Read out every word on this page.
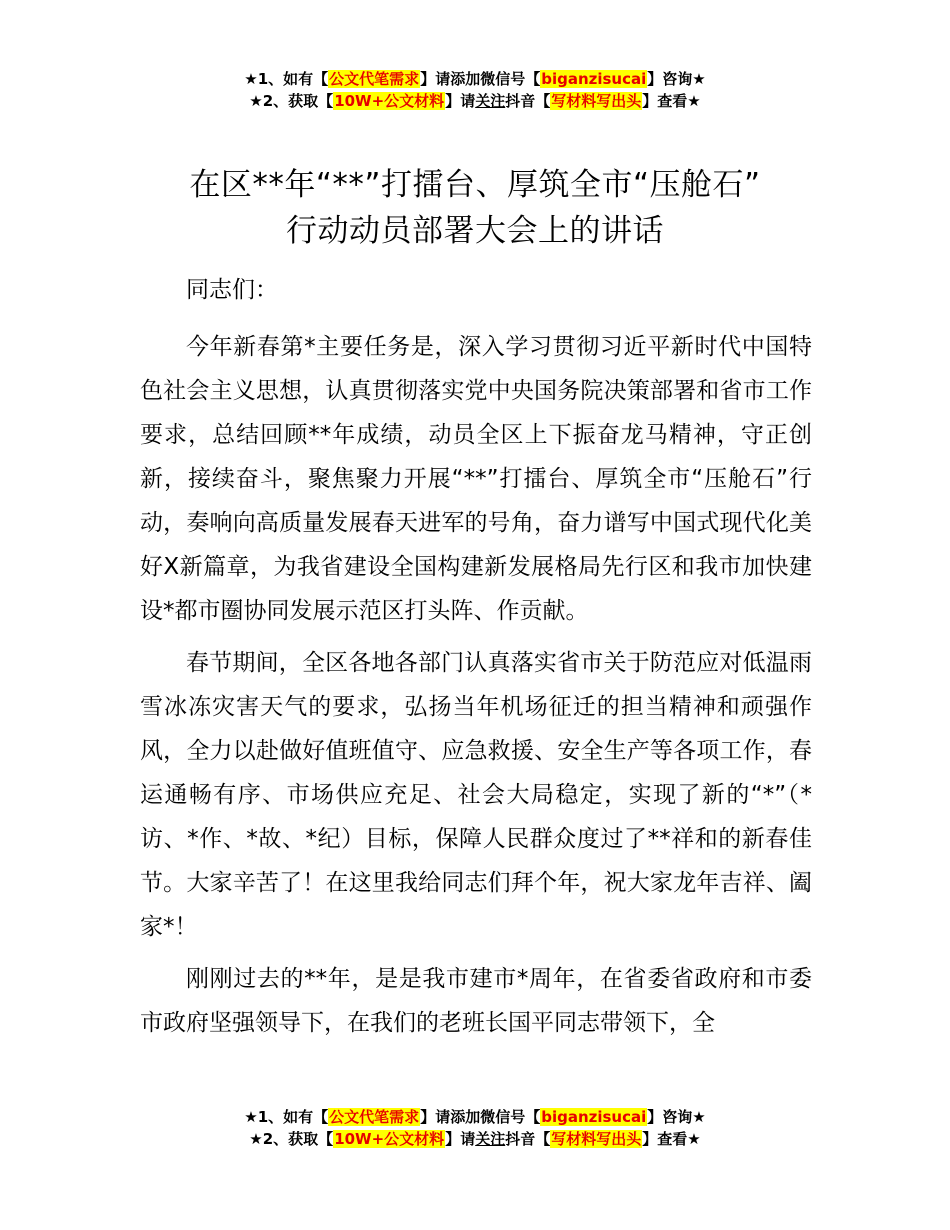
★1、如有【公文代笔需求】请添加微信号【biganzisucai】咨询★
★2、获取【10W+公文材料】请关注抖音【写材料写出头】查看★
在区**年“**”打擂台、厚筑全市“压舱石”
行动动员部署大会上的讲话

同志们：

今年新春第*主要任务是，深入学习贯彻习近平新时代中国特色社会主义思想，认真贯彻落实党中央国务院决策部署和省市工作要求，总结回顾**年成绩，动员全区上下振奋龙马精神，守正创新，接续奋斗，聚焦聚力开展“**”打擂台、厚筑全市“压舱石”行动，奏响向高质量发展春天进军的号角，奋力谱写中国式现代化美好X新篇章，为我省建设全国构建新发展格局先行区和我市加快建设*都市圈协同发展示范区打头阵、作贡献。

春节期间，全区各地各部门认真落实省市关于防范应对低温雨雪冰冻灾害天气的要求，弘扬当年机场征迁的担当精神和顽强作风，全力以赴做好值班值守、应急救援、安全生产等各项工作，春运通畅有序、市场供应充足、社会大局稳定，实现了新的“*”（*访、*作、*故、*纪）目标，保障人民群众度过了**祥和的新春佳节。大家辛苦了！在这里我给同志们拜个年，祝大家龙年吉祥、阖家*！

刚刚过去的**年，是是我市建市*周年，在省委省政府和市委市政府坚强领导下，在我们的老班长国平同志带领下，全

★1、如有【公文代笔需求】请添加微信号【biganzisucai】咨询★
★2、获取【10W+公文材料】请关注抖音【写材料写出头】查看★
